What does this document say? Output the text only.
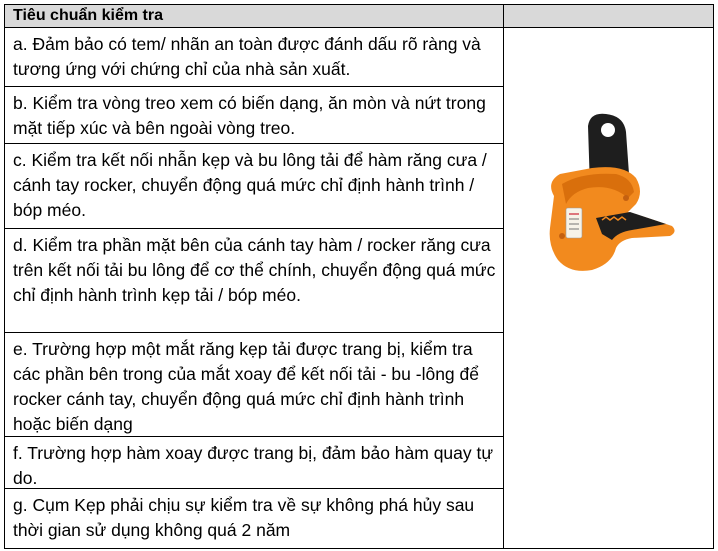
Tiêu chuẩn kiểm tra
a. Đảm bảo có tem/ nhãn an toàn được đánh dấu rõ ràng và tương ứng với chứng chỉ của nhà sản xuất.
b. Kiểm tra vòng treo xem có biến dạng, ăn mòn và nứt trong mặt tiếp xúc và bên ngoài vòng treo.
c. Kiểm tra kết nối nhẫn kẹp và bu lông tải để hàm răng cưa / cánh tay rocker, chuyển động quá mức chỉ định hành trình / bóp méo.
d. Kiểm tra phần mặt bên của cánh tay hàm / rocker răng cưa trên kết nối tải bu lông để cơ thể chính, chuyển động quá mức chỉ định hành trình kẹp tải / bóp méo.
e. Trường hợp một mắt răng kẹp tải được trang bị, kiểm tra các phần bên trong của mắt xoay để kết nối tải - bu -lông để rocker cánh tay, chuyển động quá mức chỉ định hành trình hoặc biến dạng
f. Trường hợp hàm xoay được trang bị, đảm bảo hàm quay tự do.
g. Cụm Kẹp phải chịu sự kiểm tra về sự không phá hủy sau thời gian sử dụng không quá 2 năm
